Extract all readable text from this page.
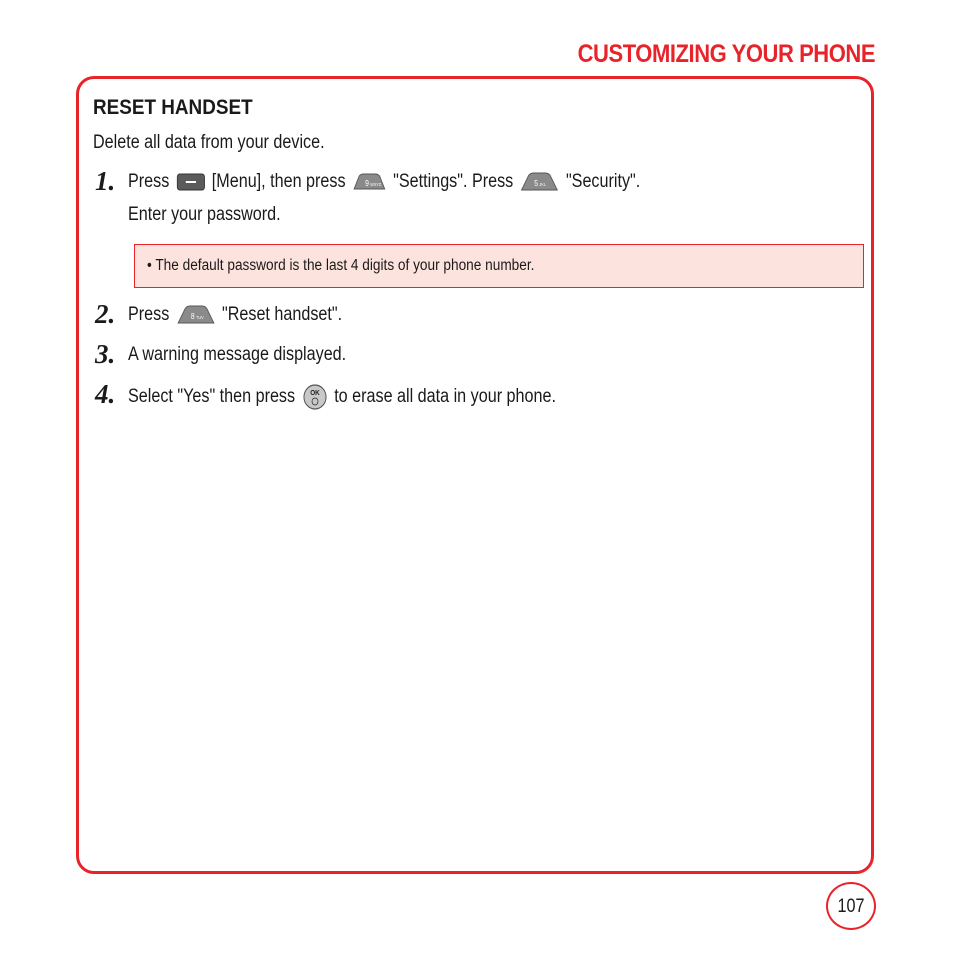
CUSTOMIZING YOUR PHONE
RESET HANDSET
Delete all data from your device.
1. Press [Menu], then press 9 WXYZ "Settings". Press	5 JKL "Security".
Enter your password.
• The default password is the last 4 digits of your phone number.
2. Press	8 TUV "Reset handset".
3. A warning message displayed.
4. Select "Yes" then press OK to erase all data in your phone.
107
